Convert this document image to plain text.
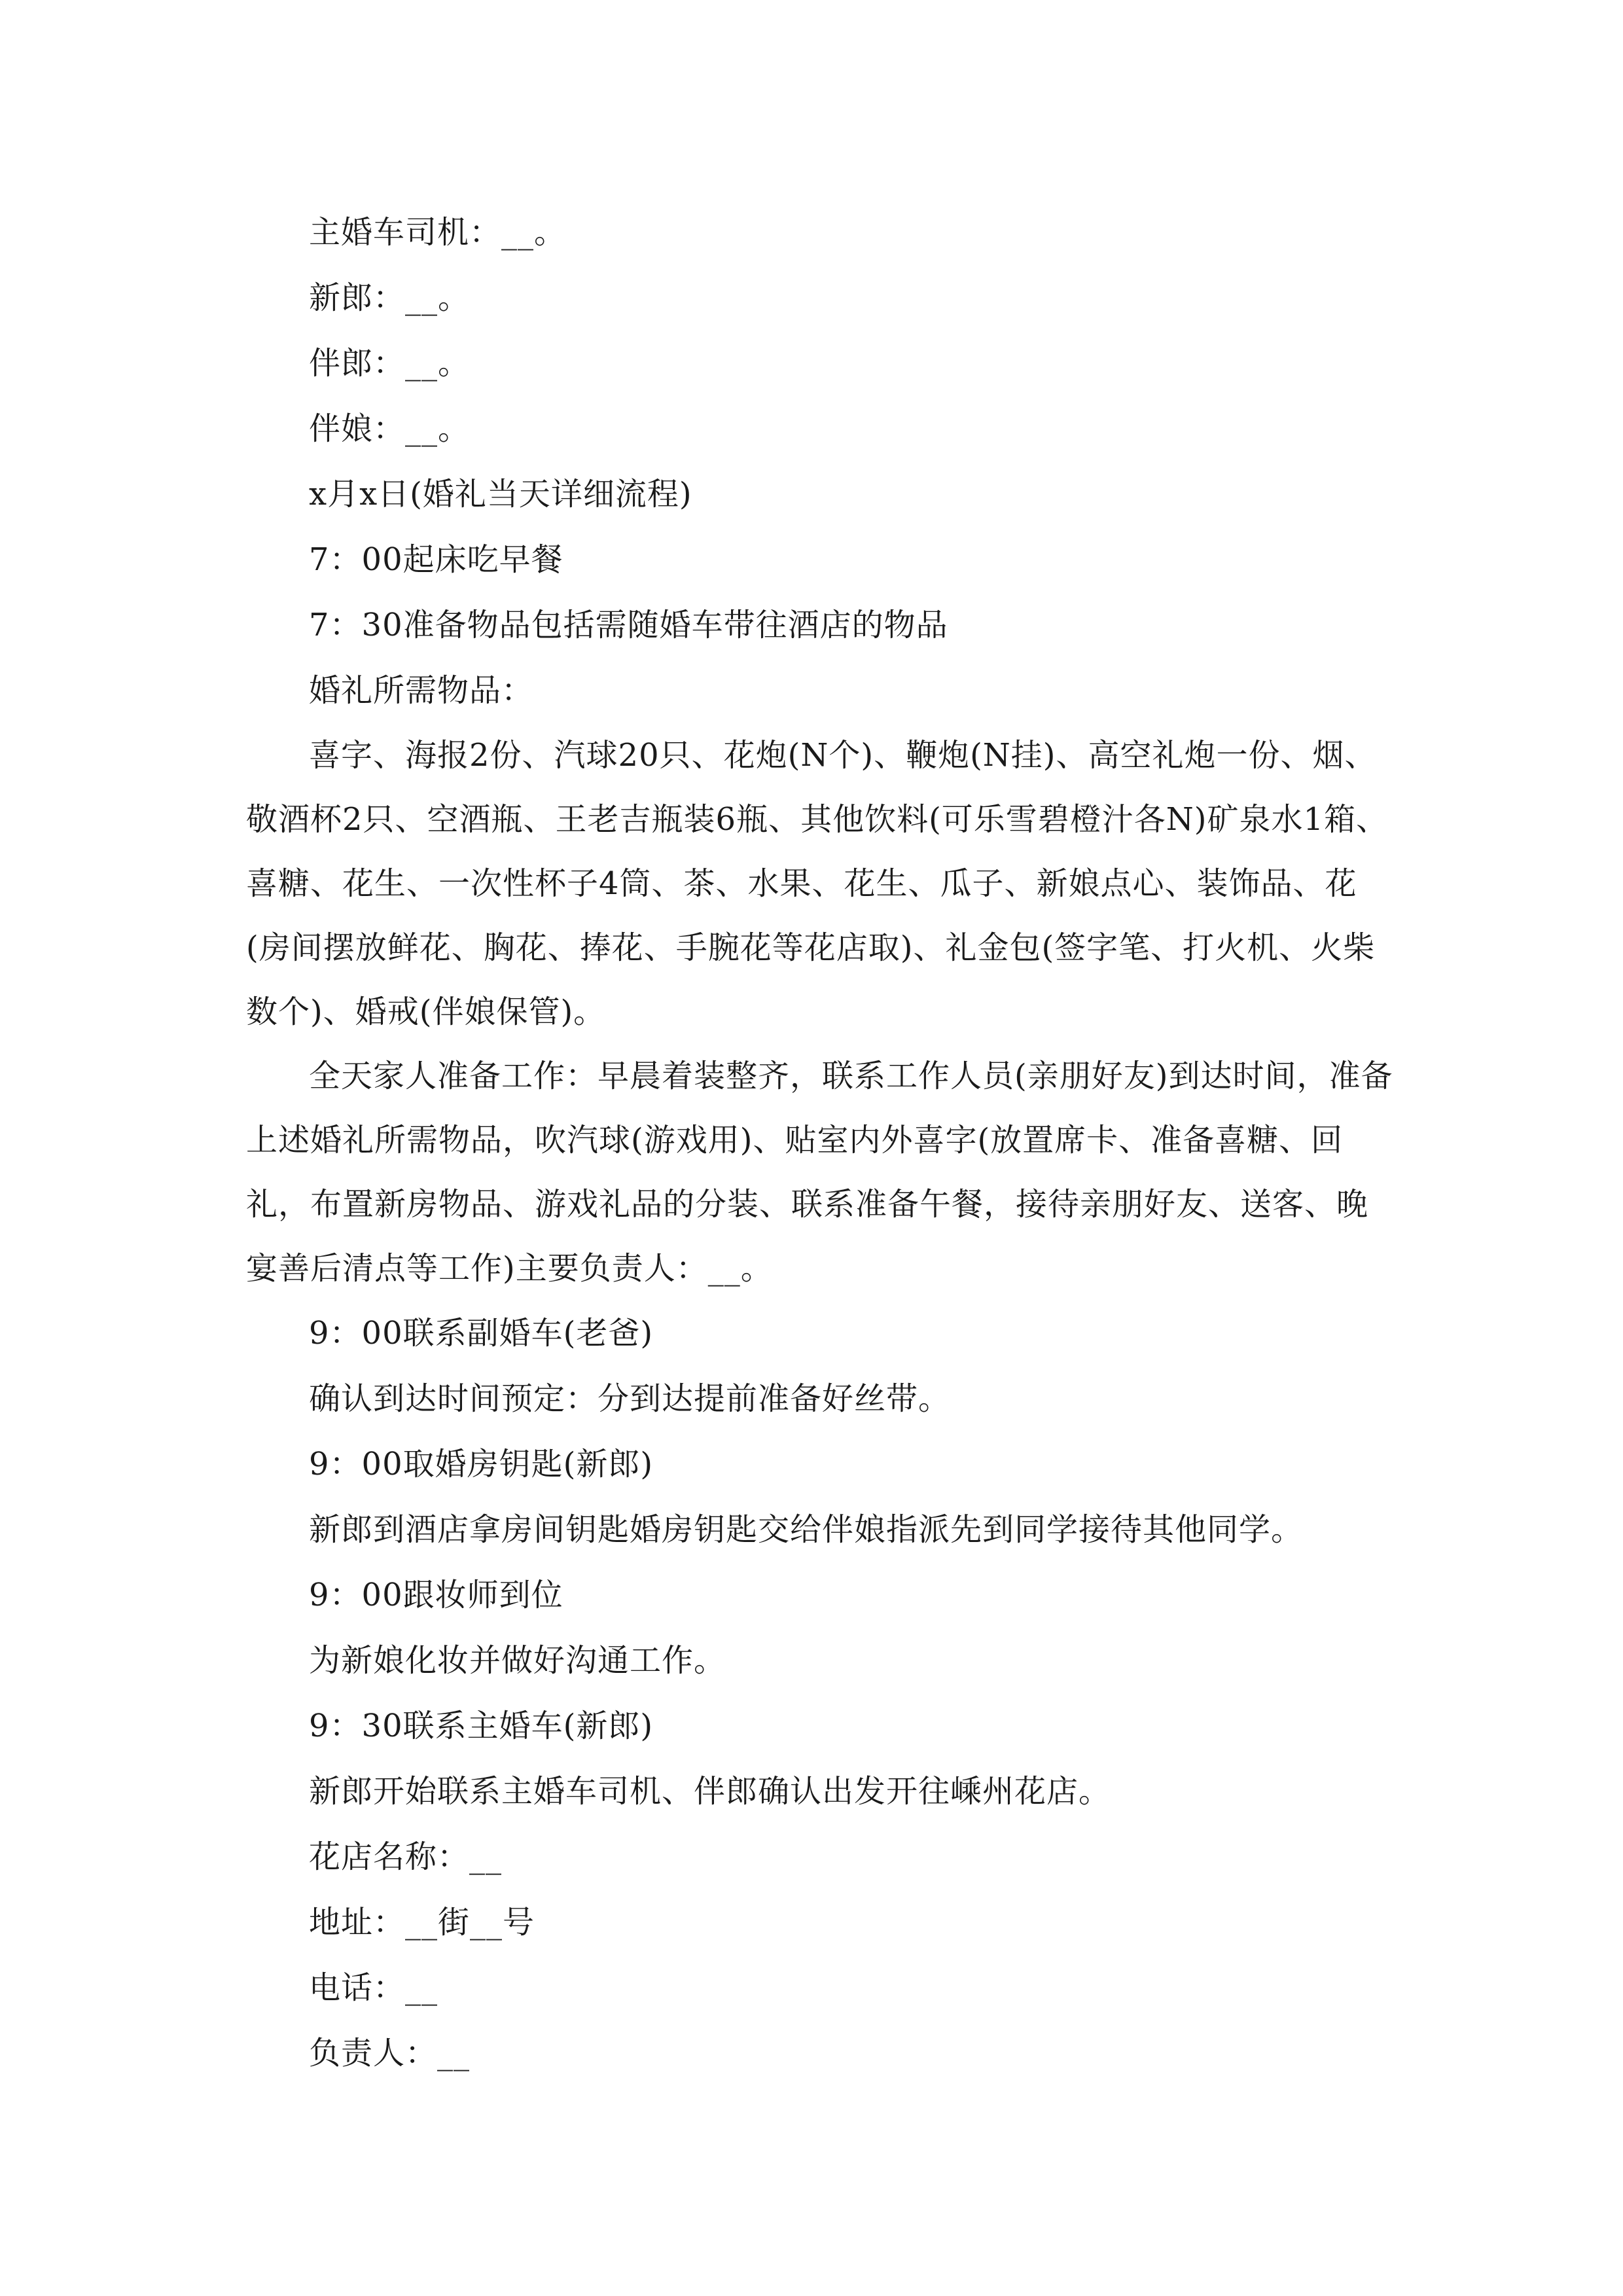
主婚车司机：__。

新郎：__。

伴郎：__。

伴娘：__。

x月x日(婚礼当天详细流程)

7：00起床吃早餐

7：30准备物品包括需随婚车带往酒店的物品

婚礼所需物品：

喜字、海报2份、汽球20只、花炮(N个)、鞭炮(N挂)、高空礼炮一份、烟、敬酒杯2只、空酒瓶、王老吉瓶装6瓶、其他饮料(可乐雪碧橙汁各N)矿泉水1箱、喜糖、花生、一次性杯子4筒、茶、水果、花生、瓜子、新娘点心、装饰品、花(房间摆放鲜花、胸花、捧花、手腕花等花店取)、礼金包(签字笔、打火机、火柴数个)、婚戒(伴娘保管)。

全天家人准备工作：早晨着装整齐，联系工作人员(亲朋好友)到达时间，准备上述婚礼所需物品，吹汽球(游戏用)、贴室内外喜字(放置席卡、准备喜糖、回礼，布置新房物品、游戏礼品的分装、联系准备午餐，接待亲朋好友、送客、晚宴善后清点等工作)主要负责人：__。

9：00联系副婚车(老爸)

确认到达时间预定：分到达提前准备好丝带。

9：00取婚房钥匙(新郎)

新郎到酒店拿房间钥匙婚房钥匙交给伴娘指派先到同学接待其他同学。

9：00跟妆师到位

为新娘化妆并做好沟通工作。

9：30联系主婚车(新郎)

新郎开始联系主婚车司机、伴郎确认出发开往嵊州花店。

花店名称：__

地址：__街__号

电话：__

负责人：__
